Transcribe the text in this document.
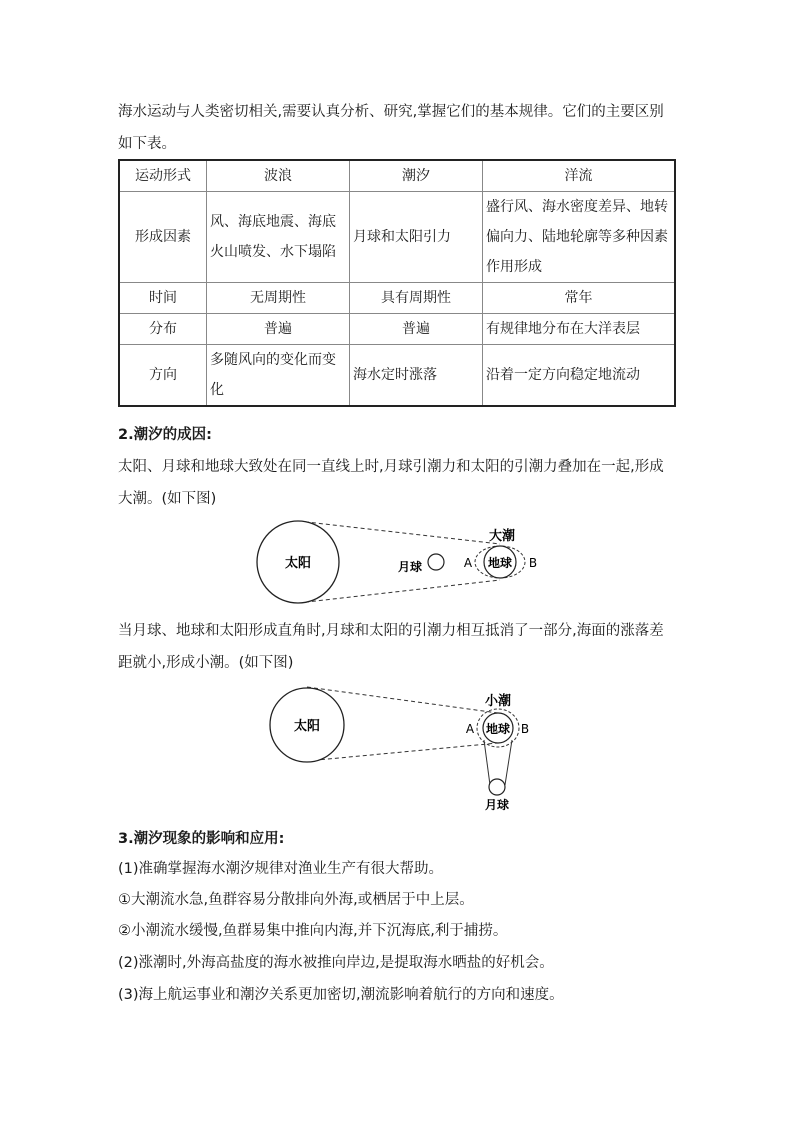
海水运动与人类密切相关,需要认真分析、研究,掌握它们的基本规律。它们的主要区别如下表。

运动形式	波浪	潮汐	洋流
形成因素	风、海底地震、海底火山喷发、水下塌陷	月球和太阳引力	盛行风、海水密度差异、地转偏向力、陆地轮廓等多种因素作用形成
时间	无周期性	具有周期性	常年
分布	普遍	普遍	有规律地分布在大洋表层
方向	多随风向的变化而变化	海水定时涨落	沿着一定方向稳定地流动

2.潮汐的成因:

太阳、月球和地球大致处在同一直线上时,月球引潮力和太阳的引潮力叠加在一起,形成大潮。(如下图)

太阳	月球	地球
大潮
A	B

当月球、地球和太阳形成直角时,月球和太阳的引潮力相互抵消了一部分,海面的涨落差距就小,形成小潮。(如下图)

太阳	地球
小潮
A	B
月球

3.潮汐现象的影响和应用:

(1)准确掌握海水潮汐规律对渔业生产有很大帮助。

①大潮流水急,鱼群容易分散排向外海,或栖居于中上层。

②小潮流水缓慢,鱼群易集中推向内海,并下沉海底,利于捕捞。

(2)涨潮时,外海高盐度的海水被推向岸边,是提取海水晒盐的好机会。

(3)海上航运事业和潮汐关系更加密切,潮流影响着航行的方向和速度。
